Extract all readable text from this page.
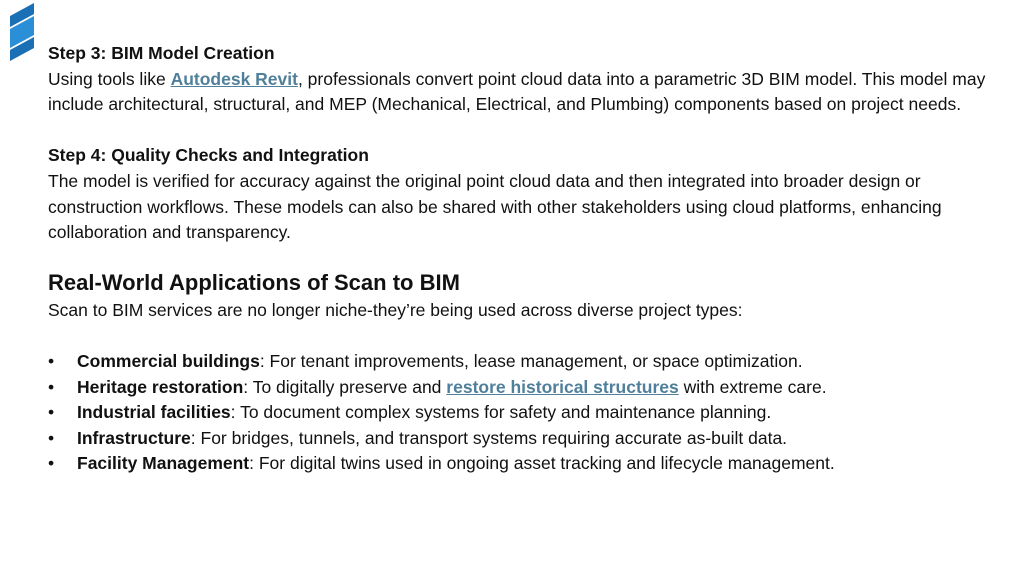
Step 3: BIM Model Creation

Using tools like Autodesk Revit, professionals convert point cloud data into a parametric 3D BIM model. This model may include architectural, structural, and MEP (Mechanical, Electrical, and Plumbing) components based on project needs.

Step 4: Quality Checks and Integration

The model is verified for accuracy against the original point cloud data and then integrated into broader design or construction workflows. These models can also be shared with other stakeholders using cloud platforms, enhancing collaboration and transparency.

Real-World Applications of Scan to BIM

Scan to BIM services are no longer niche-they’re being used across diverse project types:

• Commercial buildings: For tenant improvements, lease management, or space optimization.
• Heritage restoration: To digitally preserve and restore historical structures with extreme care.
• Industrial facilities: To document complex systems for safety and maintenance planning.
• Infrastructure: For bridges, tunnels, and transport systems requiring accurate as-built data.
• Facility Management: For digital twins used in ongoing asset tracking and lifecycle management.
